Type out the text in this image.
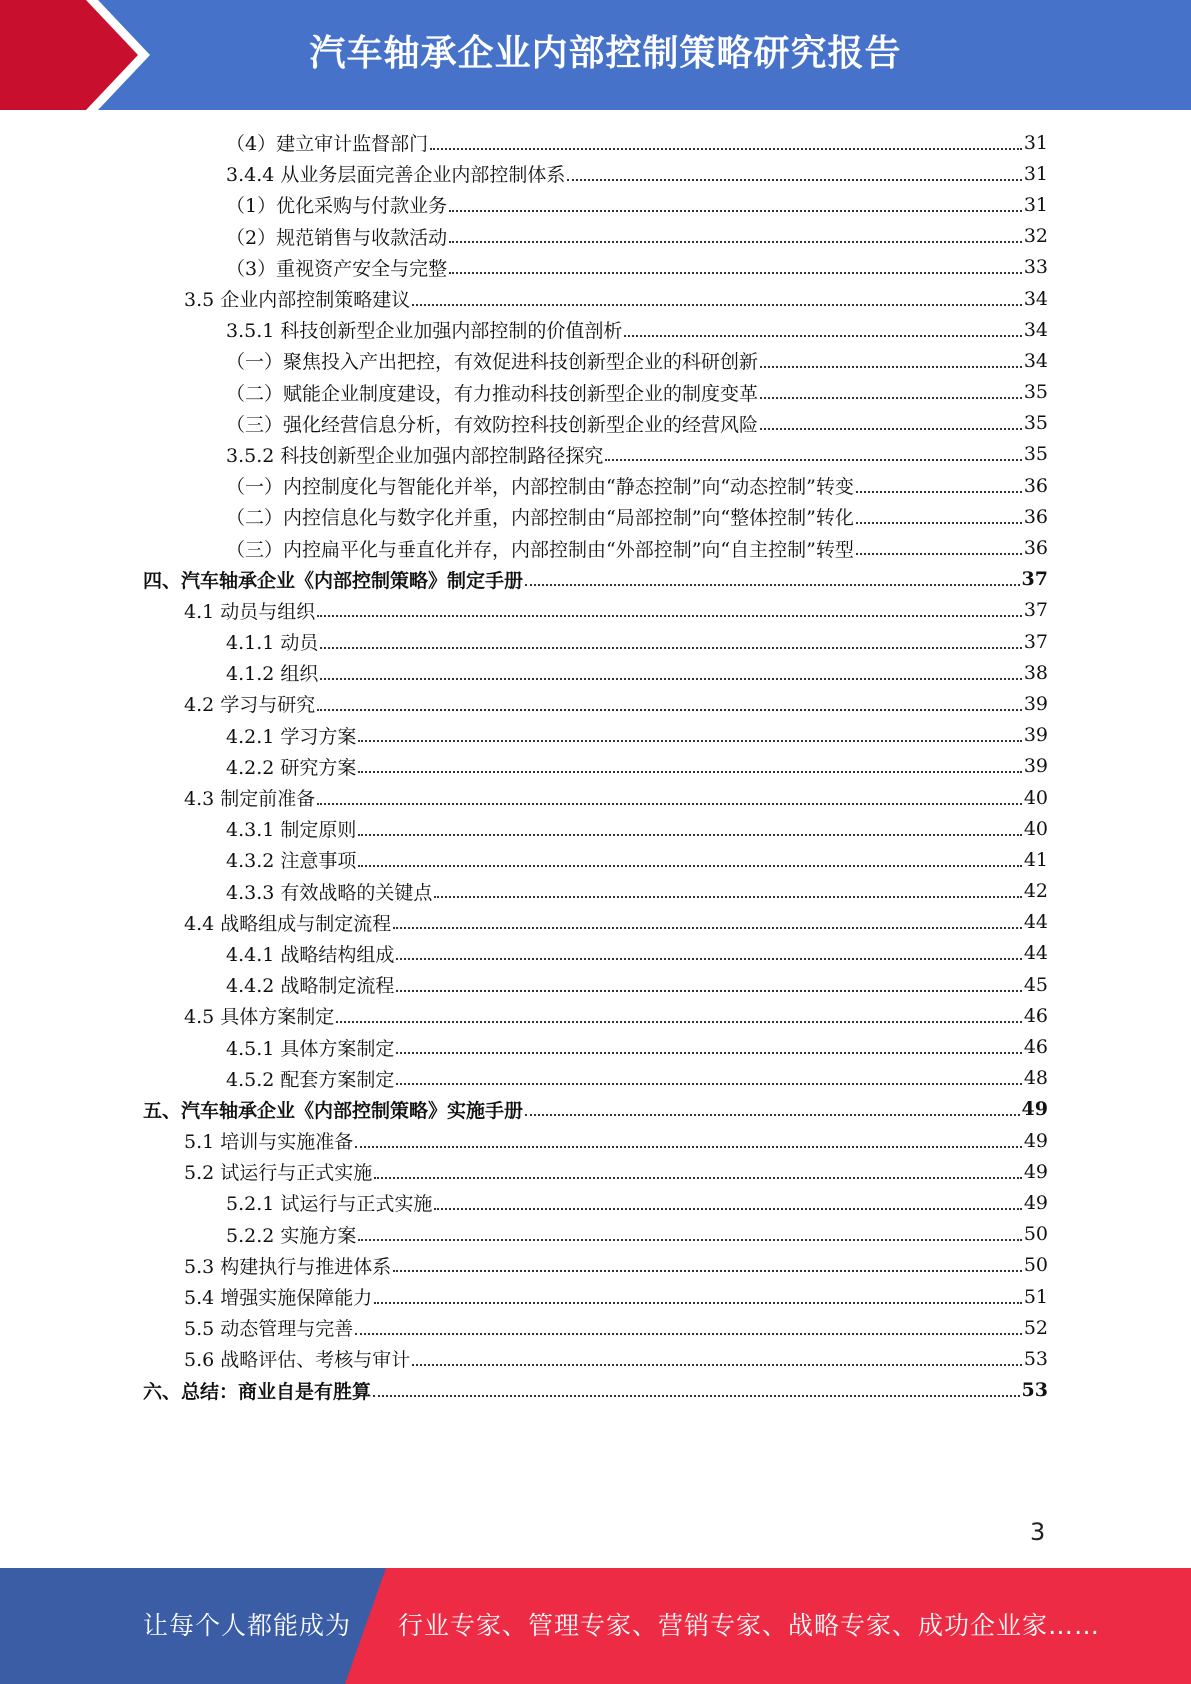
汽车轴承企业内部控制策略研究报告
（4）建立审计监督部门	31
3.4.4 从业务层面完善企业内部控制体系	31
（1）优化采购与付款业务	31
（2）规范销售与收款活动	32
（3）重视资产安全与完整	33
3.5 企业内部控制策略建议	34
3.5.1 科技创新型企业加强内部控制的价值剖析	34
（一）聚焦投入产出把控，有效促进科技创新型企业的科研创新	34
（二）赋能企业制度建设，有力推动科技创新型企业的制度变革	35
（三）强化经营信息分析，有效防控科技创新型企业的经营风险	35
3.5.2 科技创新型企业加强内部控制路径探究	35
（一）内控制度化与智能化并举，内部控制由“静态控制”向“动态控制”转变	36
（二）内控信息化与数字化并重，内部控制由“局部控制”向“整体控制”转化	36
（三）内控扁平化与垂直化并存，内部控制由“外部控制”向“自主控制”转型	36
四、汽车轴承企业《内部控制策略》制定手册	37
4.1 动员与组织	37
4.1.1 动员	37
4.1.2 组织	38
4.2 学习与研究	39
4.2.1 学习方案	39
4.2.2 研究方案	39
4.3 制定前准备	40
4.3.1 制定原则	40
4.3.2 注意事项	41
4.3.3 有效战略的关键点	42
4.4 战略组成与制定流程	44
4.4.1 战略结构组成	44
4.4.2 战略制定流程	45
4.5 具体方案制定	46
4.5.1 具体方案制定	46
4.5.2 配套方案制定	48
五、汽车轴承企业《内部控制策略》实施手册	49
5.1 培训与实施准备	49
5.2 试运行与正式实施	49
5.2.1 试运行与正式实施	49
5.2.2 实施方案	50
5.3 构建执行与推进体系	50
5.4 增强实施保障能力	51
5.5 动态管理与完善	52
5.6 战略评估、考核与审计	53
六、总结：商业自是有胜算	53
3
让每个人都能成为 行业专家、管理专家、营销专家、战略专家、成功企业家……
